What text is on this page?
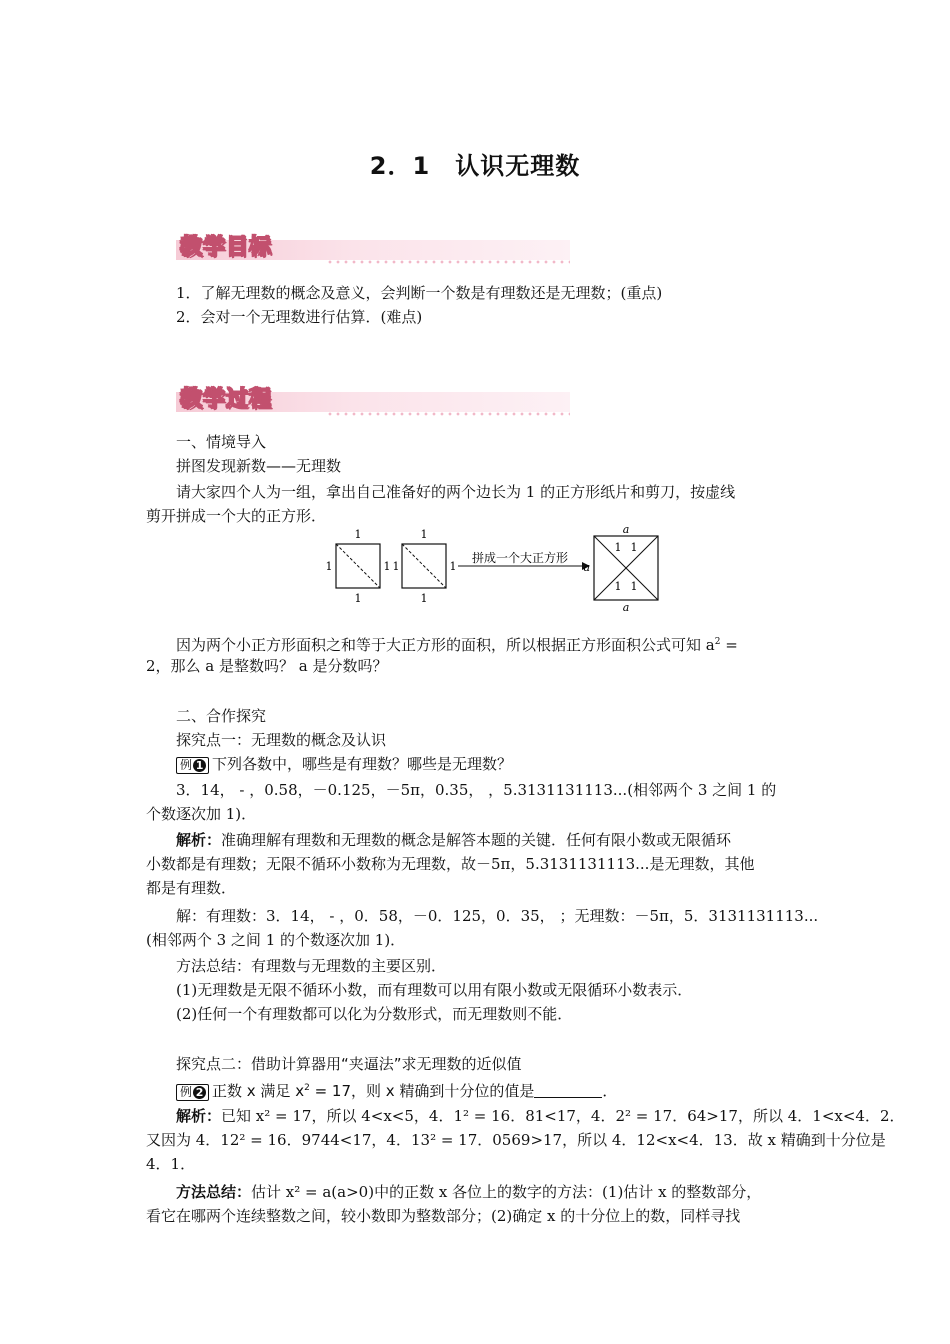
2．1　认识无理数
教学目标
1．了解无理数的概念及意义，会判断一个数是有理数还是无理数；(重点)
2．会对一个无理数进行估算．(难点)
教学过程
一、情境导入
拼图发现新数——无理数
请大家四个人为一组，拿出自己准备好的两个边长为 1 的正方形纸片和剪刀，按虚线
剪开拼成一个大的正方形．
1
1
1	1
1
1
1	1
拼成一个大正方形
a
a
a
1 1
1 1
因为两个小正方形面积之和等于大正方形的面积，所以根据正方形面积公式可知 $a^2$ =
2，那么 a 是整数吗？ a 是分数吗？
二、合作探究
探究点一：无理数的概念及认识
例 1 下列各数中，哪些是有理数？哪些是无理数？
3．14， - ，0.58，－0.125，－5π，0.35， ，5.3131131113...(相邻两个 3 之间 1 的
个数逐次加 1)．
解析：准确理解有理数和无理数的概念是解答本题的关键．任何有限小数或无限循环
小数都是有理数；无限不循环小数称为无理数，故－5π，5.3131131113...是无理数，其他
都是有理数．
解：有理数：3．14， - ，0．58，－0．125，0．35， ；无理数：－5π，5．3131131113...
(相邻两个 3 之间 1 的个数逐次加 1)．
方法总结：有理数与无理数的主要区别．
(1)无理数是无限不循环小数，而有理数可以用有限小数或无限循环小数表示．
(2)任何一个有理数都可以化为分数形式，而无理数则不能．
探究点二：借助计算器用“夹逼法”求无理数的近似值
例 2 正数 x 满足 $x^2 = 17$，则 x 精确到十分位的值是	．
解析：已知 x² = 17，所以 4<x<5，4．1² = 16．81<17，4．2² = 17．64>17，所以 4．1<x<4．2．
又因为 4．12² = 16．9744<17，4．13² = 17．0569>17，所以 4．12<x<4．13．故 x 精确到十分位是
4．1．
方法总结：估计 x² = a(a>0)中的正数 x 各位上的数字的方法：(1)估计 x 的整数部分，
看它在哪两个连续整数之间，较小数即为整数部分；(2)确定 x 的十分位上的数，同样寻找
